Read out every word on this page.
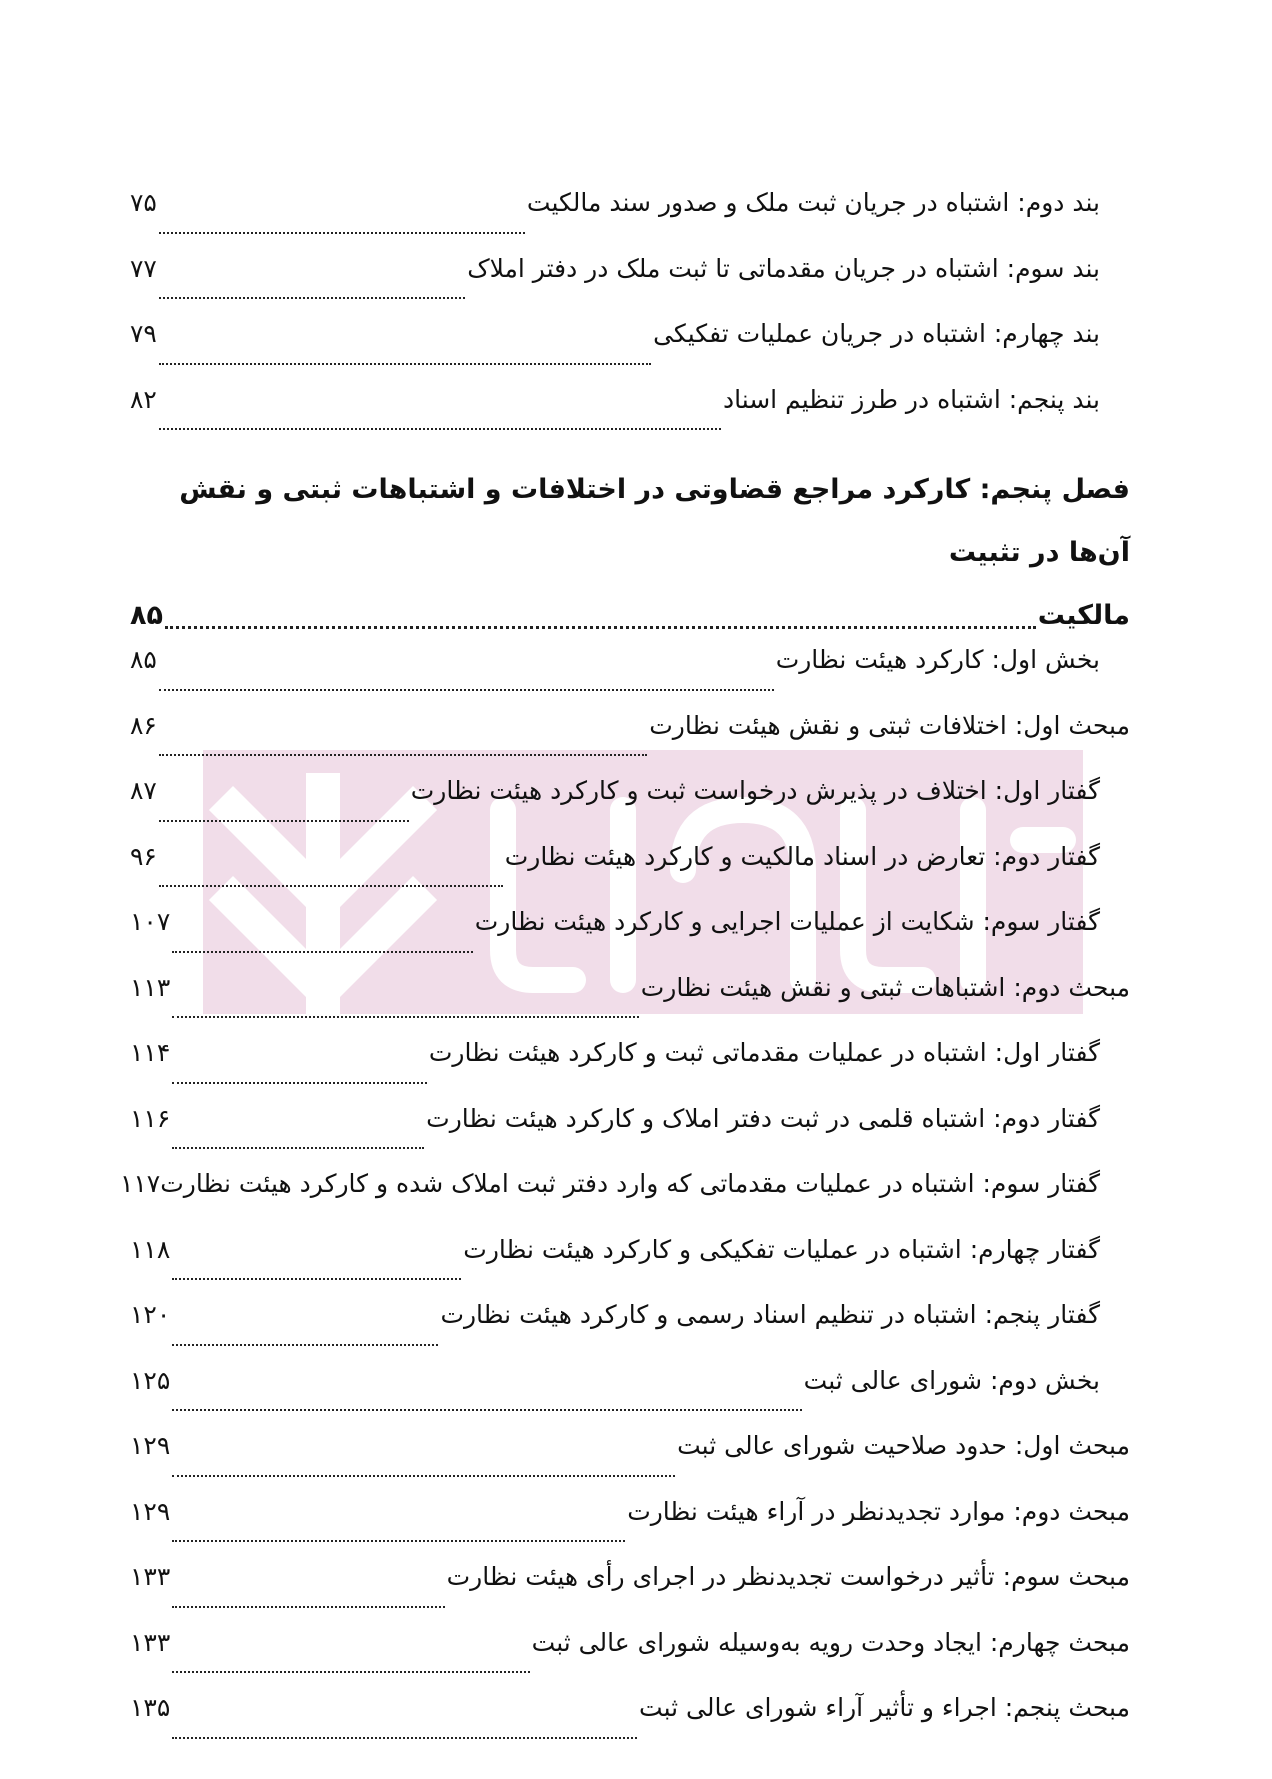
بند دوم: اشتباه در جریان ثبت ملک و صدور سند مالکیت
۷۵
بند سوم: اشتباه در جریان مقدماتی تا ثبت ملک در دفتر املاک
۷۷
بند چهارم: اشتباه در جریان عملیات تفکیکی
۷۹
بند پنجم: اشتباه در طرز تنظیم اسناد
۸۲
فصل پنجم: کارکرد مراجع قضاوتی در اختلافات و اشتباهات ثبتی و نقش آن‌ها در تثبیت
مالکیت
۸۵
بخش اول: کارکرد هیئت نظارت
۸۵
مبحث اول: اختلافات ثبتی و نقش هیئت نظارت
۸۶
گفتار اول: اختلاف در پذیرش درخواست ثبت و کارکرد هیئت نظارت
۸۷
گفتار دوم: تعارض در اسناد مالکیت و کارکرد هیئت نظارت
۹۶
گفتار سوم: شکایت از عملیات اجرایی و کارکرد هیئت نظارت
۱۰۷
مبحث دوم: اشتباهات ثبتی و نقش هیئت نظارت
۱۱۳
گفتار اول: اشتباه در عملیات مقدماتی ثبت و کارکرد هیئت نظارت
۱۱۴
گفتار دوم: اشتباه قلمی در ثبت دفتر املاک و کارکرد هیئت نظارت
۱۱۶
گفتار سوم: اشتباه در عملیات مقدماتی که وارد دفتر ثبت املاک شده و کارکرد هیئت نظارت
۱۱۷
گفتار چهارم: اشتباه در عملیات تفکیکی و کارکرد هیئت نظارت
۱۱۸
گفتار پنجم: اشتباه در تنظیم اسناد رسمی و کارکرد هیئت نظارت
۱۲۰
بخش دوم: شورای عالی ثبت
۱۲۵
مبحث اول: حدود صلاحیت شورای عالی ثبت
۱۲۹
مبحث دوم: موارد تجدیدنظر در آراء هیئت نظارت
۱۲۹
مبحث سوم: تأثیر درخواست تجدیدنظر در اجرای رأی هیئت نظارت
۱۳۳
مبحث چهارم: ایجاد وحدت رویه به‌وسیله شورای عالی ثبت
۱۳۳
مبحث پنجم: اجراء و تأثیر آراء شورای عالی ثبت
۱۳۵
